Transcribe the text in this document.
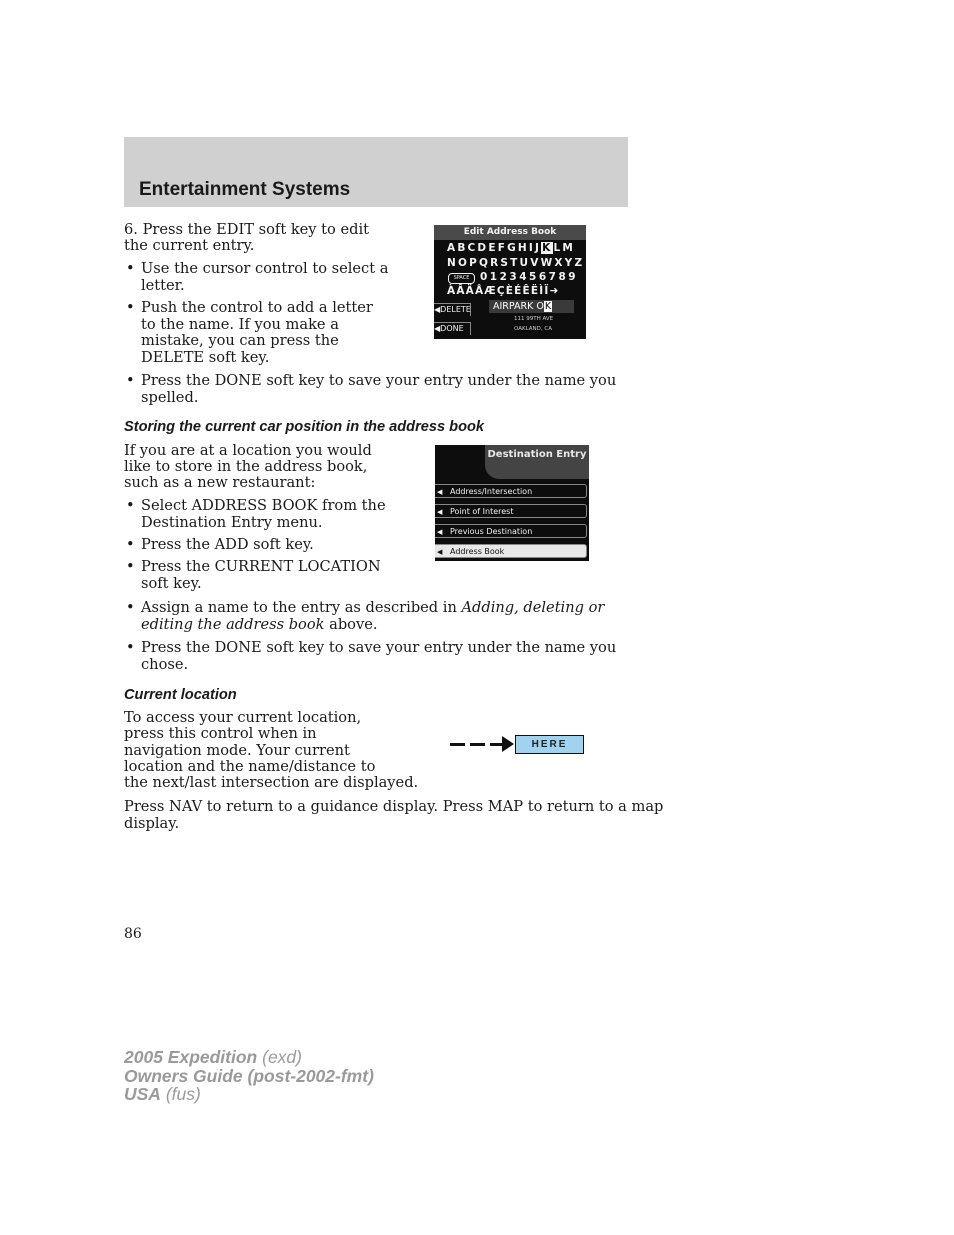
Entertainment Systems

6. Press the EDIT soft key to edit

the current entry.

• Use the cursor control to select a
letter.
• Push the control to add a letter
to the name. If you make a
mistake, you can press the
DELETE soft key.
• Press the DONE soft key to save your entry under the name you
spelled.
Edit Address Book
ABCDEFGHIJKLM
NOPQRSTUVWXYZ
SPACE	0123456789
ÀÂÄÅÆÇÈÉÊËÌÏ➜
◀DELETE
◀DONE
AIRPARK OK
111 99TH AVE
OAKLAND, CA
Storing the current car position in the address book

If you are at a location you would

like to store in the address book,

such as a new restaurant:

• Select ADDRESS BOOK from the
Destination Entry menu.
• Press the ADD soft key.
• Press the CURRENT LOCATION
soft key.
• Assign a name to the entry as described in Adding, deleting or
editing the address book above.
• Press the DONE soft key to save your entry under the name you
chose.
Destination Entry
◀ Address/Intersection
◀ Point of Interest
◀ Previous Destination
◀ Address Book
Current location

To access your current location,

press this control when in

navigation mode. Your current

location and the name/distance to

the next/last intersection are displayed.

HERE

Press NAV to return to a guidance display. Press MAP to return to a map

display.

86

2005 Expedition (exd)

Owners Guide (post-2002-fmt)

USA (fus)
